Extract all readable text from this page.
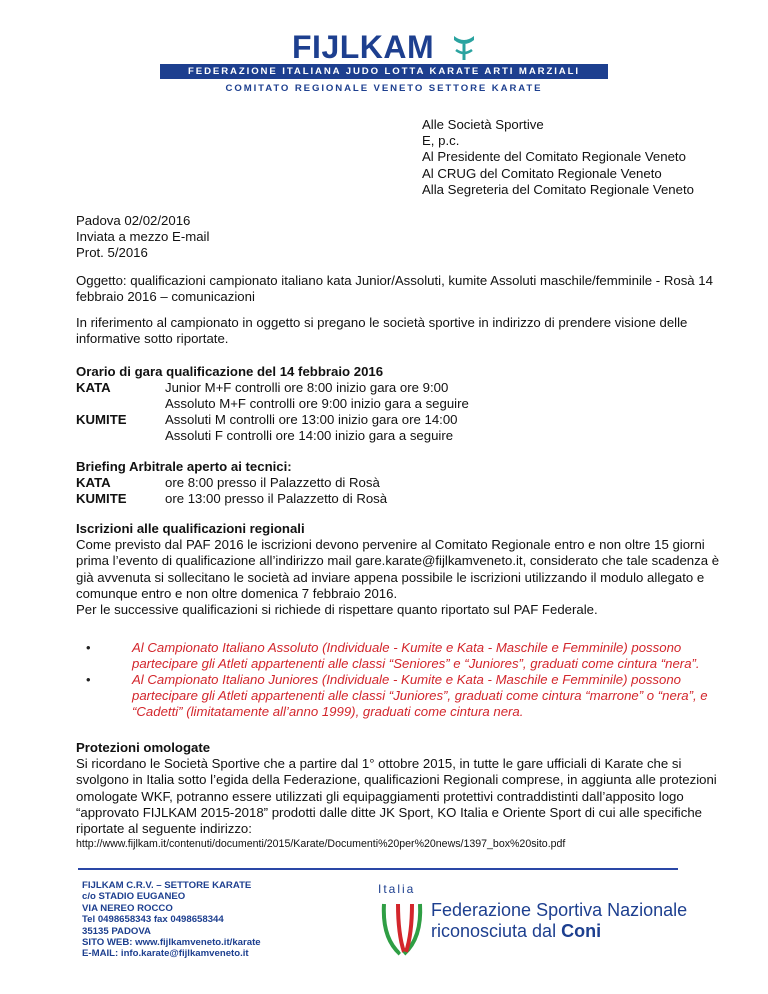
FIJLKAM
FEDERAZIONE ITALIANA JUDO LOTTA KARATE ARTI MARZIALI
COMITATO REGIONALE VENETO SETTORE KARATE
Alle Società Sportive
E, p.c.
Al Presidente del Comitato Regionale Veneto
Al CRUG del Comitato Regionale Veneto
Alla Segreteria del Comitato Regionale Veneto
Padova 02/02/2016
Inviata a mezzo E-mail
Prot. 5/2016
Oggetto: qualificazioni campionato italiano kata Junior/Assoluti, kumite Assoluti maschile/femminile - Rosà 14
febbraio 2016 – comunicazioni
In riferimento al campionato in oggetto si pregano le società sportive in indirizzo di prendere visione delle
informative sotto riportate.
Orario di gara qualificazione del 14 febbraio 2016
KATA	Junior M+F controlli ore 8:00 inizio gara ore 9:00
Assoluto M+F controlli ore 9:00 inizio gara a seguire
KUMITE	Assoluti M controlli ore 13:00 inizio gara ore 14:00
Assoluti F controlli ore 14:00 inizio gara a seguire
Briefing Arbitrale aperto ai tecnici:
KATA	ore 8:00 presso il Palazzetto di Rosà
KUMITE	ore 13:00 presso il Palazzetto di Rosà
Iscrizioni alle qualificazioni regionali
Come previsto dal PAF 2016 le iscrizioni devono pervenire al Comitato Regionale entro e non oltre 15 giorni
prima l’evento di qualificazione all’indirizzo mail gare.karate@fijlkamveneto.it, considerato che tale scadenza è
già avvenuta si sollecitano le società ad inviare appena possibile le iscrizioni utilizzando il modulo allegato e
comunque entro e non oltre domenica 7 febbraio 2016.
Per le successive qualificazioni si richiede di rispettare quanto riportato sul PAF Federale.
•	Al Campionato Italiano Assoluto (Individuale - Kumite e Kata - Maschile e Femminile) possono
partecipare gli Atleti appartenenti alle classi “Seniores” e “Juniores”, graduati come cintura “nera”.
•	Al Campionato Italiano Juniores (Individuale - Kumite e Kata - Maschile e Femminile) possono
partecipare gli Atleti appartenenti alle classi “Juniores”, graduati come cintura “marrone” o “nera”, e
“Cadetti” (limitatamente all’anno 1999), graduati come cintura nera.
Protezioni omologate
Si ricordano le Società Sportive che a partire dal 1° ottobre 2015, in tutte le gare ufficiali di Karate che si
svolgono in Italia sotto l’egida della Federazione, qualificazioni Regionali comprese, in aggiunta alle protezioni
omologate WKF, potranno essere utilizzati gli equipaggiamenti protettivi contraddistinti dall’apposito logo
“approvato FIJLKAM 2015-2018” prodotti dalle ditte JK Sport, KO Italia e Oriente Sport di cui alle specifiche
riportate al seguente indirizzo:
http://www.fijlkam.it/contenuti/documenti/2015/Karate/Documenti%20per%20news/1397_box%20sito.pdf
FIJLKAM C.R.V. – SETTORE KARATE
c/o STADIO EUGANEO
VIA NEREO ROCCO
Tel 0498658343 fax 0498658344
35135 PADOVA
SITO WEB: www.fijlkamveneto.it/karate
E-MAIL: info.karate@fijlkamveneto.it
Italia
Federazione Sportiva Nazionale
riconosciuta dal Coni
